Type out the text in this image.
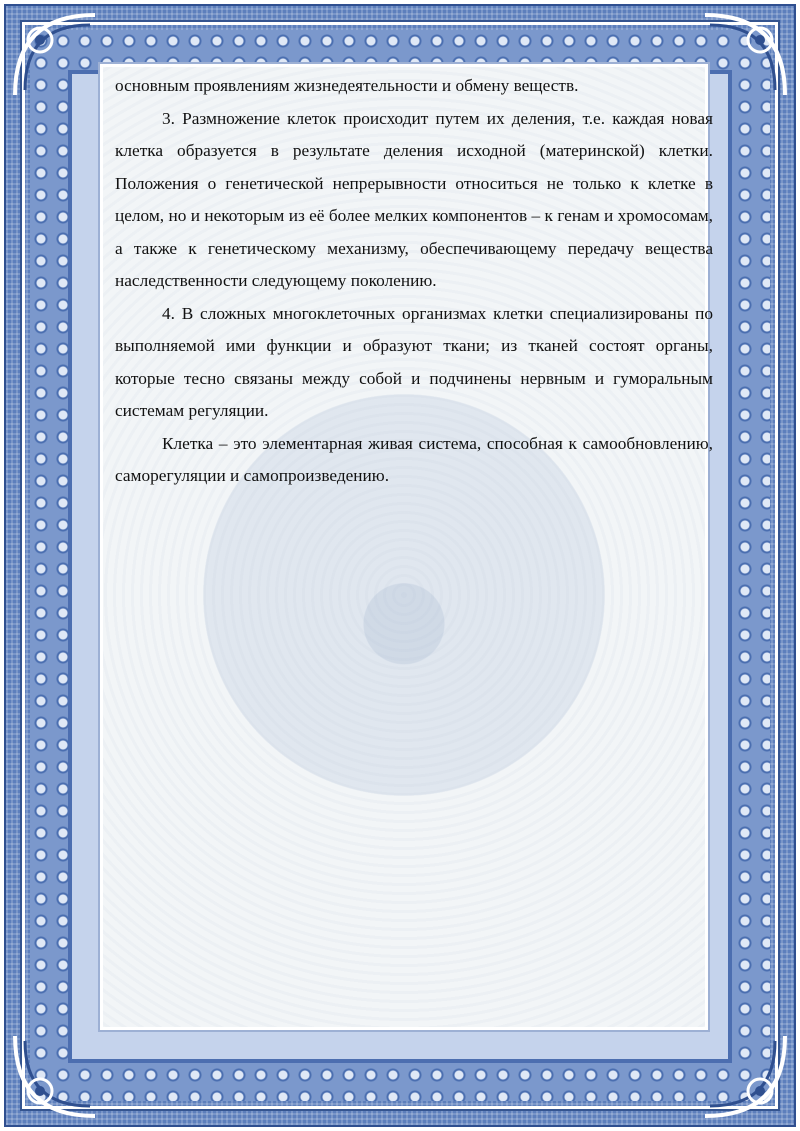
основным проявлениям жизнедеятельности и обмену веществ.

3. Размножение клеток происходит путем их деления, т.е. каждая новая клетка образуется в результате деления исходной (материнской) клетки. Положения о генетической непрерывности относиться не только к клетке в целом, но и некоторым из её более мелких компонентов – к генам и хромосомам, а также к генетическому механизму, обеспечивающему передачу вещества наследственности следующему поколению.

4. В сложных многоклеточных организмах клетки специализированы по выполняемой ими функции и образуют ткани; из тканей состоят органы, которые тесно связаны между собой и подчинены нервным и гуморальным системам регуляции.

Клетка – это элементарная живая система, способная к самообновлению, саморегуляции и самопроизведению.
